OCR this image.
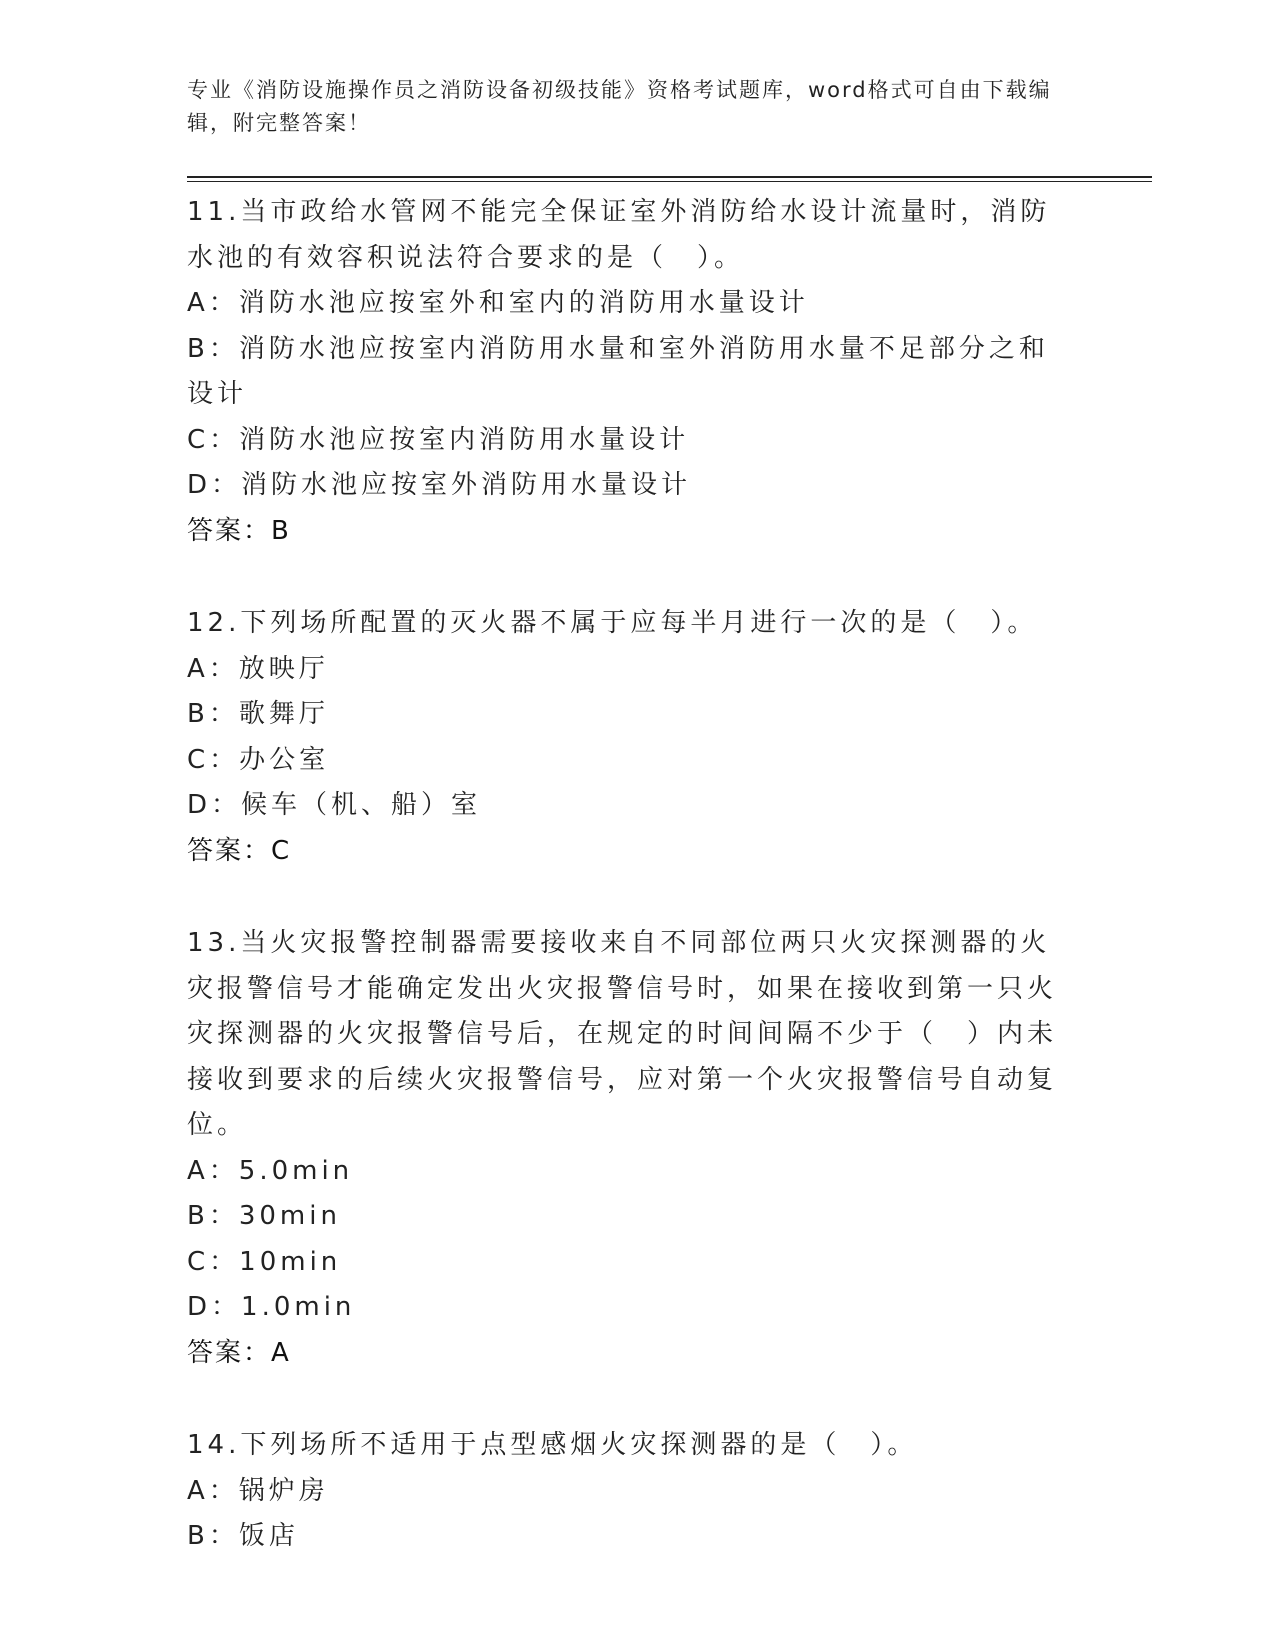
专业《消防设施操作员之消防设备初级技能》资格考试题库，word格式可自由下载编辑，附完整答案！

11.当市政给水管网不能完全保证室外消防给水设计流量时，消防水池的有效容积说法符合要求的是（　）。

A：消防水池应按室外和室内的消防用水量设计

B：消防水池应按室内消防用水量和室外消防用水量不足部分之和设计

C：消防水池应按室内消防用水量设计

D：消防水池应按室外消防用水量设计

答案：B

12.下列场所配置的灭火器不属于应每半月进行一次的是（　）。

A：放映厅

B：歌舞厅

C：办公室

D：候车（机、船）室

答案：C

13.当火灾报警控制器需要接收来自不同部位两只火灾探测器的火灾报警信号才能确定发出火灾报警信号时，如果在接收到第一只火灾探测器的火灾报警信号后，在规定的时间间隔不少于（　）内未接收到要求的后续火灾报警信号，应对第一个火灾报警信号自动复位。

A：5.0min

B：30min

C：10min

D：1.0min

答案：A

14.下列场所不适用于点型感烟火灾探测器的是（　）。

A：锅炉房

B：饭店
